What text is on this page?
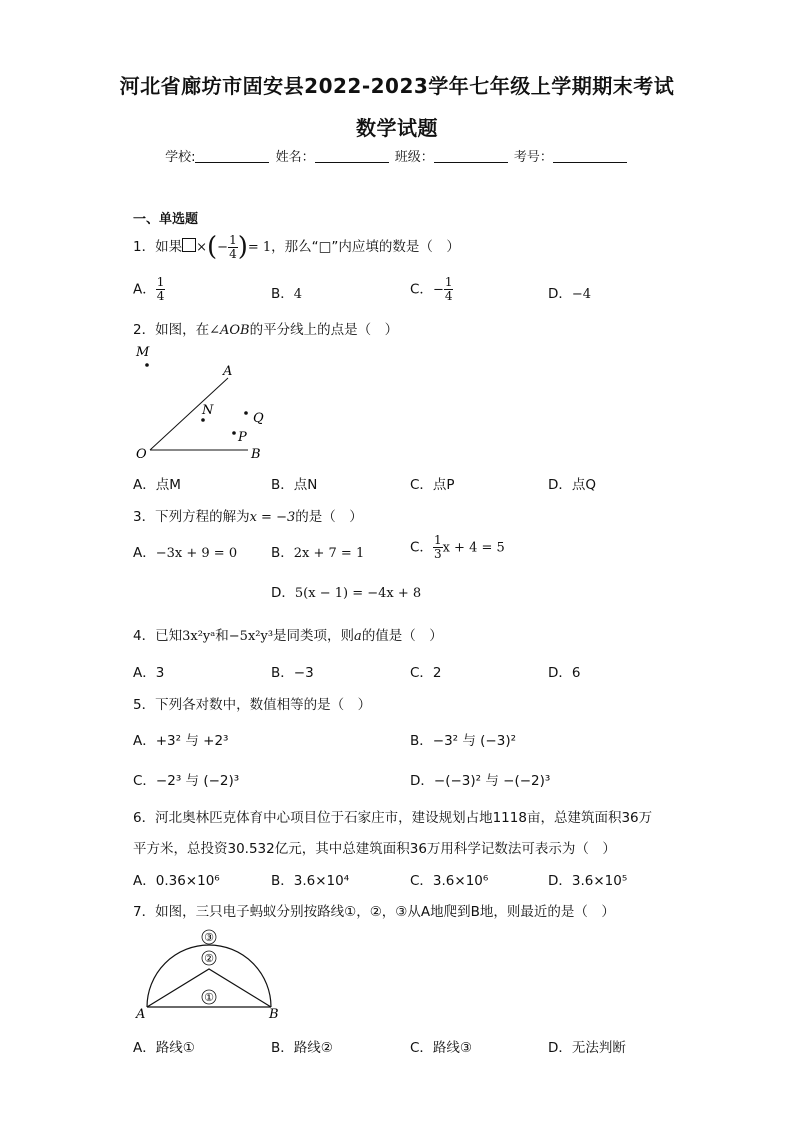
河北省廊坊市固安县2022-2023学年七年级上学期期末考试
数学试题
学校:	姓名：	班级：	考号：
一、单选题
1．如果 ×(− $\frac{1}{4}$ )= 1，那么“□”内应填的数是（　）
A． $\frac{1}{4}$	B．4	C．− $\frac{1}{4}$	D．−4
2．如图，在∠AOB的平分线上的点是（　）
M
A
N
Q
P
O	B
A．点M	B．点N	C．点P	D．点Q
3．下列方程的解为x = −3的是（　）
A．−3x + 9 = 0	B．2x + 7 = 1	C． $\frac{1}{3}$ x + 4 = 5
D．5(x − 1) = −4x + 8
4．已知3x²yᵃ和−5x²y³是同类项，则a的值是（　）
A．3	B．−3	C．2	D．6
5．下列各对数中，数值相等的是（　）
A．+3² 与 +2³	B．−3² 与 (−3)²
C．−2³ 与 (−2)³	D．−(−3)² 与 −(−2)³
6．河北奥林匹克体育中心项目位于石家庄市，建设规划占地1118亩，总建筑面积36万
平方米，总投资30.532亿元，其中总建筑面积36万用科学记数法可表示为（　）
A．0.36×10⁶	B．3.6×10⁴	C．3.6×10⁶	D．3.6×10⁵
7．如图，三只电子蚂蚁分别按路线①，②，③从A地爬到B地，则最近的是（　）
③
②
①
A	B
A．路线①	B．路线②	C．路线③	D．无法判断
